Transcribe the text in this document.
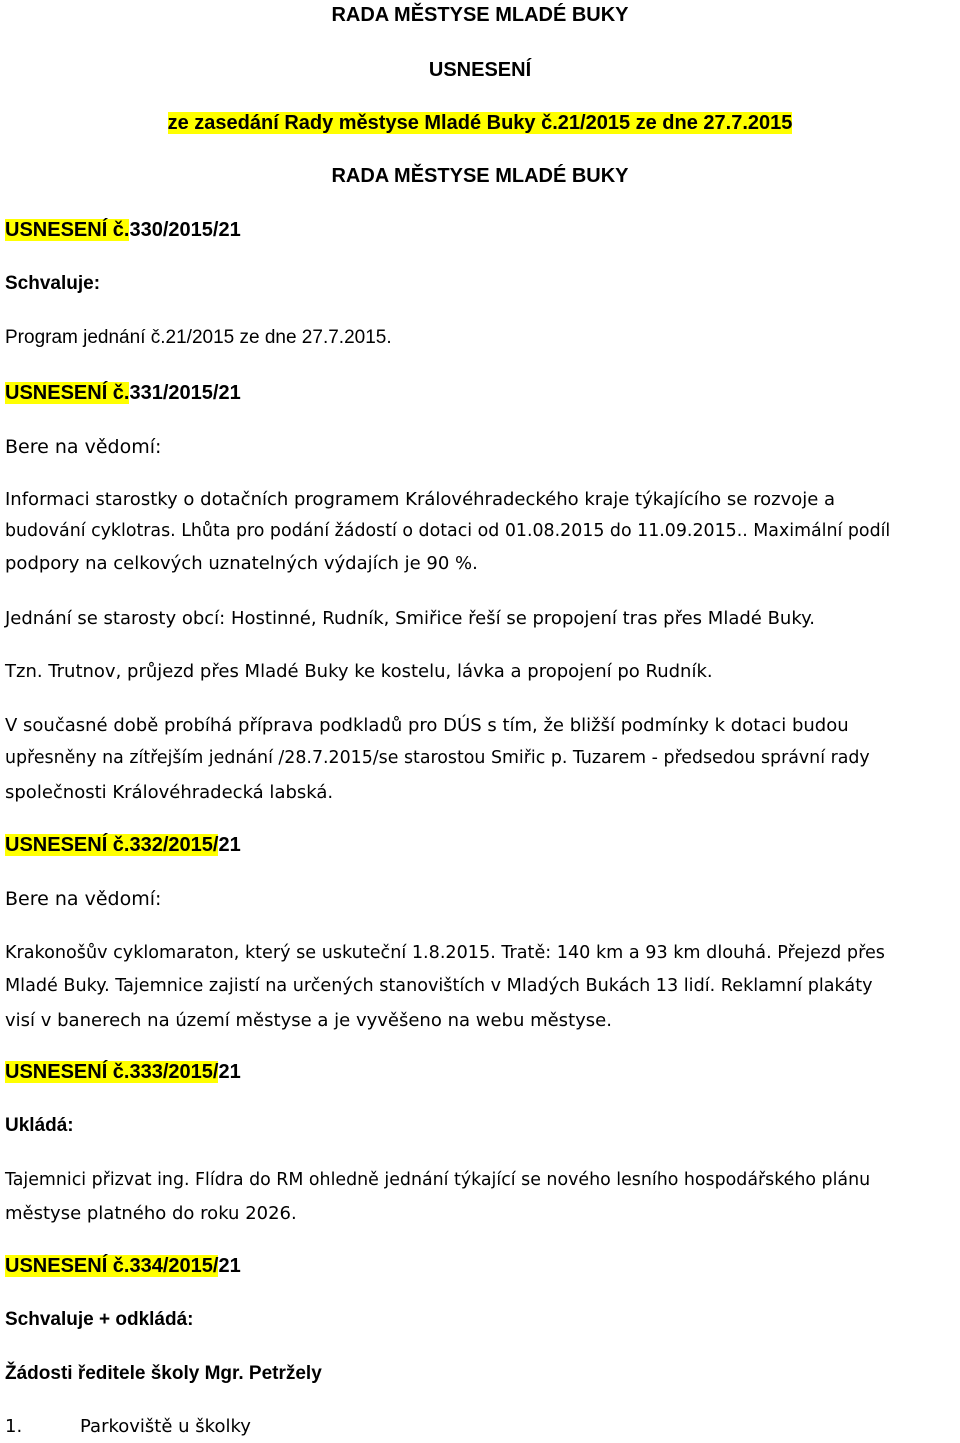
RADA MĚSTYSE MLADÉ BUKY
USNESENÍ
ze zasedání Rady městyse Mladé Buky č.21/2015 ze dne 27.7.2015
RADA MĚSTYSE MLADÉ BUKY
USNESENÍ č.330/2015/21
Schvaluje:
Program jednání č.21/2015 ze dne 27.7.2015.
USNESENÍ č.331/2015/21
Bere na vědomí:
Informaci starostky o dotačních programem Královéhradeckého kraje týkajícího se rozvoje a
budování cyklotras. Lhůta pro podání žádostí o dotaci od 01.08.2015 do 11.09.2015.. Maximální podíl
podpory na celkových uznatelných výdajích je 90 %.
Jednání se starosty obcí: Hostinné, Rudník, Smiřice řeší se propojení tras přes Mladé Buky.
Tzn. Trutnov, průjezd přes Mladé Buky ke kostelu, lávka a propojení po Rudník.
V současné době probíhá příprava podkladů pro DÚS s tím, že bližší podmínky k dotaci budou
upřesněny na zítřejším jednání /28.7.2015/se starostou Smiřic p. Tuzarem - předsedou správní rady
společnosti Královéhradecká labská.
USNESENÍ č.332/2015/21
Bere na vědomí:
Krakonošův cyklomaraton, který se uskuteční 1.8.2015. Tratě: 140 km a 93 km dlouhá. Přejezd přes
Mladé Buky. Tajemnice zajistí na určených stanovištích v Mladých Bukách 13 lidí. Reklamní plakáty
visí v banerech na území městyse a je vyvěšeno na webu městyse.
USNESENÍ č.333/2015/21
Ukládá:
Tajemnici přizvat ing. Flídra do RM ohledně jednání týkající se nového lesního hospodářského plánu
městyse platného do roku 2026.
USNESENÍ č.334/2015/21
Schvaluje + odkládá:
Žádosti ředitele školy Mgr. Petržely
1.	Parkoviště u školky
